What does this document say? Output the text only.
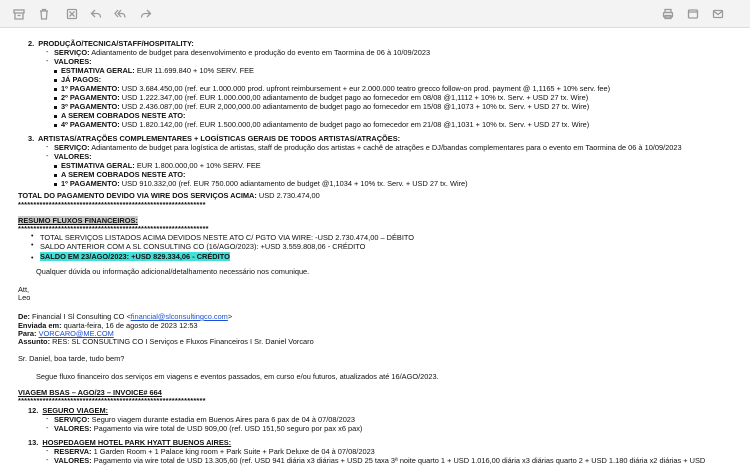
2. PRODUÇÃO/TECNICA/STAFF/HOSPITALITY:
- SERVIÇO: Adiantamento de budget para desenvolvimento e produção do evento em Taormina de 06 à 10/09/2023
- VALORES:
ESTIMATIVA GERAL: EUR 11.699.840 + 10% SERV. FEE
JÁ PAGOS:
1º PAGAMENTO: USD 3.684.450,00 (ref. eur 1.000.000 prod. upfront reimbursement + eur 2.000.000 teatro grecco follow-on prod. payment @ 1,1165 + 10% serv. fee)
2º PAGAMENTO: USD 1.222.347,00 (ref. EUR 1.000.000,00 adiantamento de budget pago ao fornecedor em 08/08 @1,1112 + 10% tx. Serv. + USD 27 tx. Wire)
3º PAGAMENTO: USD 2.436.087,00 (ref. EUR 2,000,000.00 adiantamento de budget pago ao fornecedor em 15/08 @1,1073 + 10% tx. Serv. + USD 27 tx. Wire)
A SEREM COBRADOS NESTE ATO:
4º PAGAMENTO: USD 1.820.142,00 (ref. EUR 1.500.000,00 adiantamento de budget pago ao fornecedor em 21/08 @1,1031 + 10% tx. Serv. + USD 27 tx. Wire)
3. ARTISTAS/ATRAÇÕES COMPLEMENTARES + LOGÍSTICAS GERAIS DE TODOS ARTISTAS/ATRAÇÕES:
- SERVIÇO: Adiantamento de budget para logística de artistas, staff de produção dos artistas + cachê de atrações e DJ/bandas complementares para o evento em Taormina de 06 à 10/09/2023
- VALORES:
ESTIMATIVA GERAL: EUR 1.800.000,00 + 10% SERV. FEE
A SEREM COBRADOS NESTE ATO:
1º PAGAMENTO: USD 910.332,00 (ref. EUR 750.000 adiantamento de budget @1,1034 + 10% tx. Serv. + USD 27 tx. Wire)
TOTAL DO PAGAMENTO DEVIDO VIA WIRE DOS SERVIÇOS ACIMA: USD 2.730.474,00
*************************************************************
RESUMO FLUXOS FINANCEIROS:
**************************************************************
• TOTAL SERVIÇOS LISTADOS ACIMA DEVIDOS NESTE ATO C/ PGTO VIA WIRE: -USD 2.730.474,00 – DÉBITO
• SALDO ANTERIOR COM A SL CONSULTING CO (16/AGO/2023): +USD 3.559.808,06 - CRÉDITO
• SALDO EM 23/AGO/2023: +USD 829.334,06 - CRÉDITO
Qualquer dúvida ou informação adicional/detalhamento necessário nos comunique.
Att,
Leo
De: Financial I Sl Consulting CO <financial@slconsultingco.com>
Enviada em: quarta-feira, 16 de agosto de 2023 12:53
Para: VORCARO@ME.COM
Assunto: RES: SL CONSULTING CO I Serviços e Fluxos Financeiros I Sr. Daniel Vorcaro
Sr. Daniel, boa tarde, tudo bem?
Segue fluxo financeiro dos serviços em viagens e eventos passados, em curso e/ou futuros, atualizados até 16/AGO/2023.
VIAGEM BSAS – AGO/23 – INVOICE# 664
*************************************************************
12. SEGURO VIAGEM:
- SERVIÇO: Seguro viagem durante estadia em Buenos Aires para 6 pax de 04 à 07/08/2023
- VALORES: Pagamento via wire total de USD 909,00 (ref. USD 151,50 seguro por pax x6 pax)
13. HOSPEDAGEM HOTEL PARK HYATT BUENOS AIRES:
- RESERVA: 1 Garden Room + 1 Palace king room + Park Suite + Park Deluxe de 04 à 07/08/2023
- VALORES: Pagamento via wire total de USD 13.305,60 (ref. USD 941 diária x3 diárias + USD 25 taxa 3ª noite quarto 1 + USD 1.016,00 diária x3 diárias quarto 2 + USD 1.180 diária x2 diárias + USD
